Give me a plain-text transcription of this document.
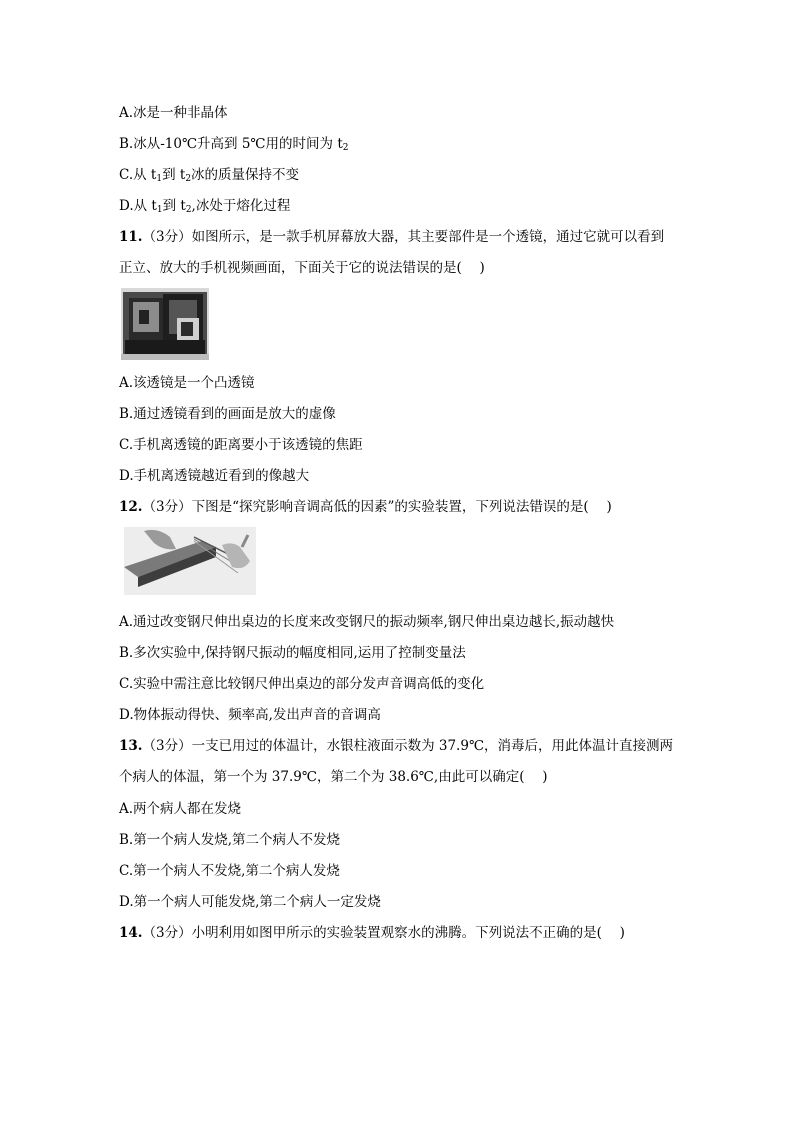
A.冰是一种非晶体
B.冰从-10℃升高到 5℃用的时间为 $t_2$
C.从 $t_1$到 $t_2$冰的质量保持不变
D.从 $t_1$到 $t_2$,冰处于熔化过程
11.（3分）如图所示，是一款手机屏幕放大器，其主要部件是一个透镜，通过它就可以看到
正立、放大的手机视频画面，下面关于它的说法错误的是(　 )
A.该透镜是一个凸透镜
B.通过透镜看到的画面是放大的虚像
C.手机离透镜的距离要小于该透镜的焦距
D.手机离透镜越近看到的像越大
12.（3分）下图是“探究影响音调高低的因素”的实验装置，下列说法错误的是(　 )
A.通过改变钢尺伸出桌边的长度来改变钢尺的振动频率,钢尺伸出桌边越长,振动越快
B.多次实验中,保持钢尺振动的幅度相同,运用了控制变量法
C.实验中需注意比较钢尺伸出桌边的部分发声音调高低的变化
D.物体振动得快、频率高,发出声音的音调高
13.（3分）一支已用过的体温计，水银柱液面示数为 37.9℃，消毒后，用此体温计直接测两
个病人的体温，第一个为 37.9℃，第二个为 38.6℃,由此可以确定(　 )
A.两个病人都在发烧
B.第一个病人发烧,第二个病人不发烧
C.第一个病人不发烧,第二个病人发烧
D.第一个病人可能发烧,第二个病人一定发烧
14.（3分）小明利用如图甲所示的实验装置观察水的沸腾。下列说法不正确的是(　 )
